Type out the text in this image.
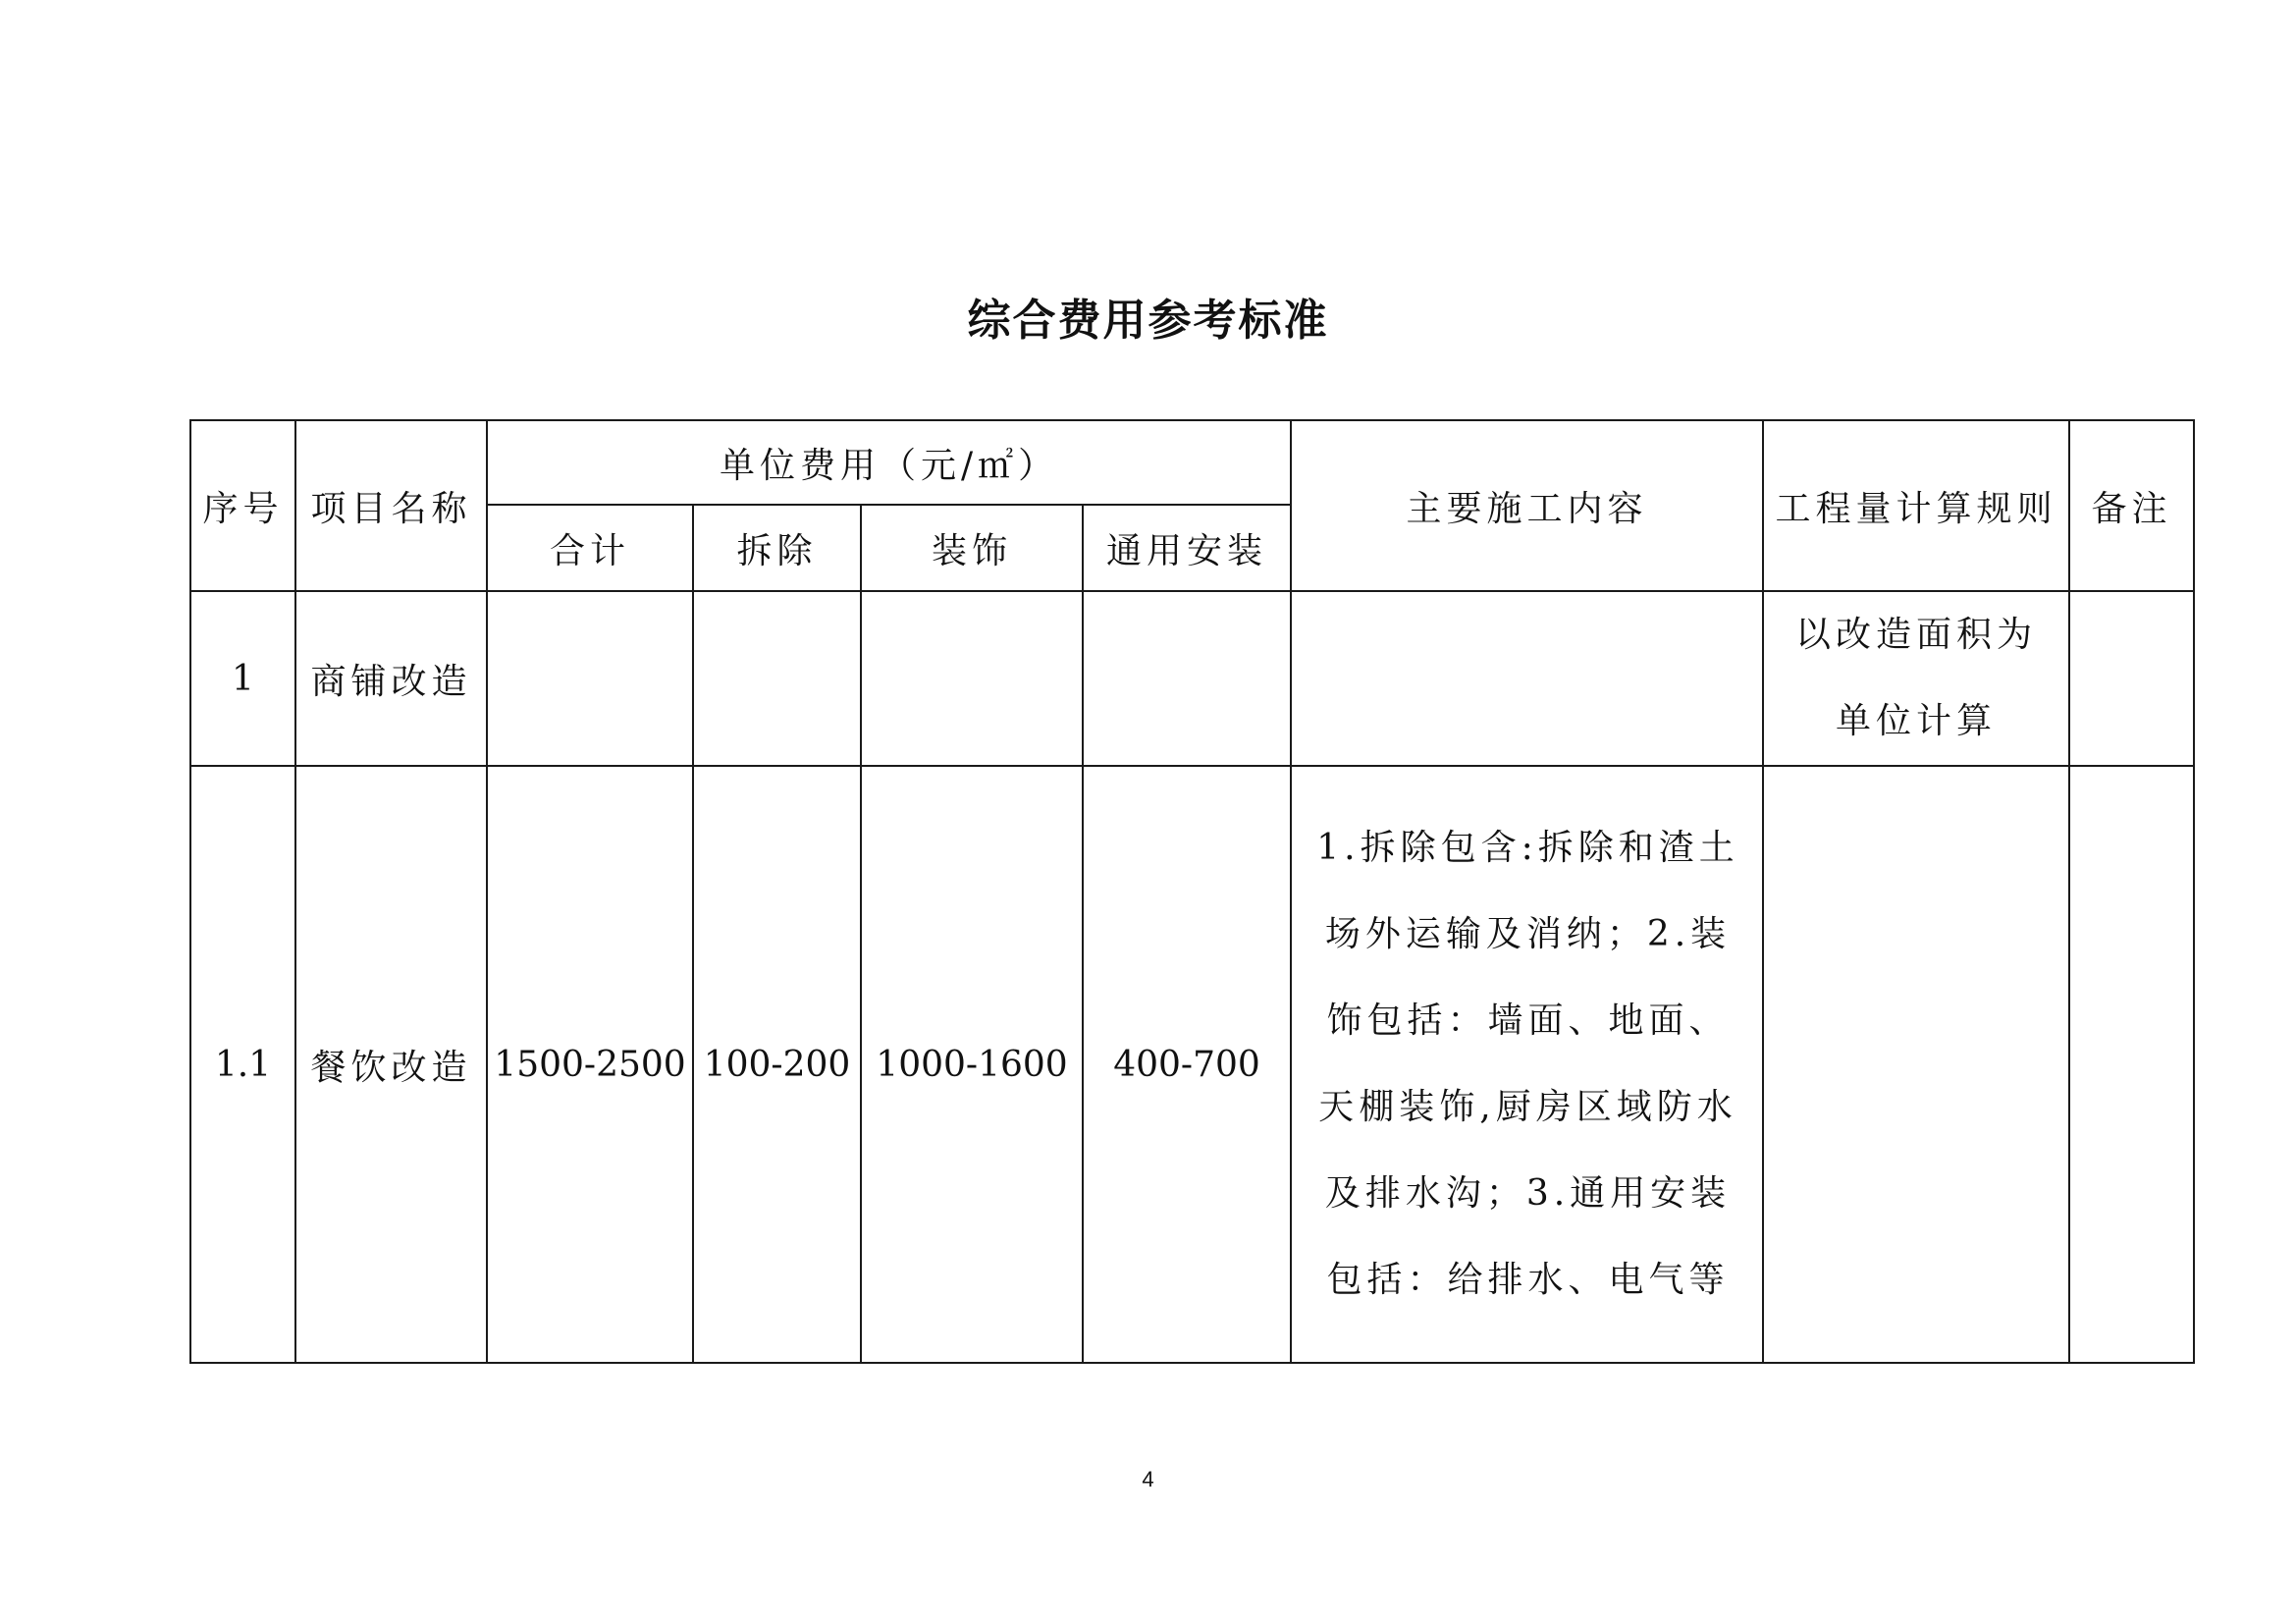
综合费用参考标准
序号	项目名称	单位费用（元/㎡）				主要施工内容	工程量计算规则	备注
		合计	拆除	装饰	通用安装			
1	商铺改造						以改造面积为单位计算	
1.1	餐饮改造	1500-2500	100-200	1000-1600	400-700	1.拆除包含:拆除和渣土场外运输及消纳；2.装饰包括：墙面、地面、天棚装饰,厨房区域防水及排水沟；3.通用安装包括：给排水、电气等		
4
